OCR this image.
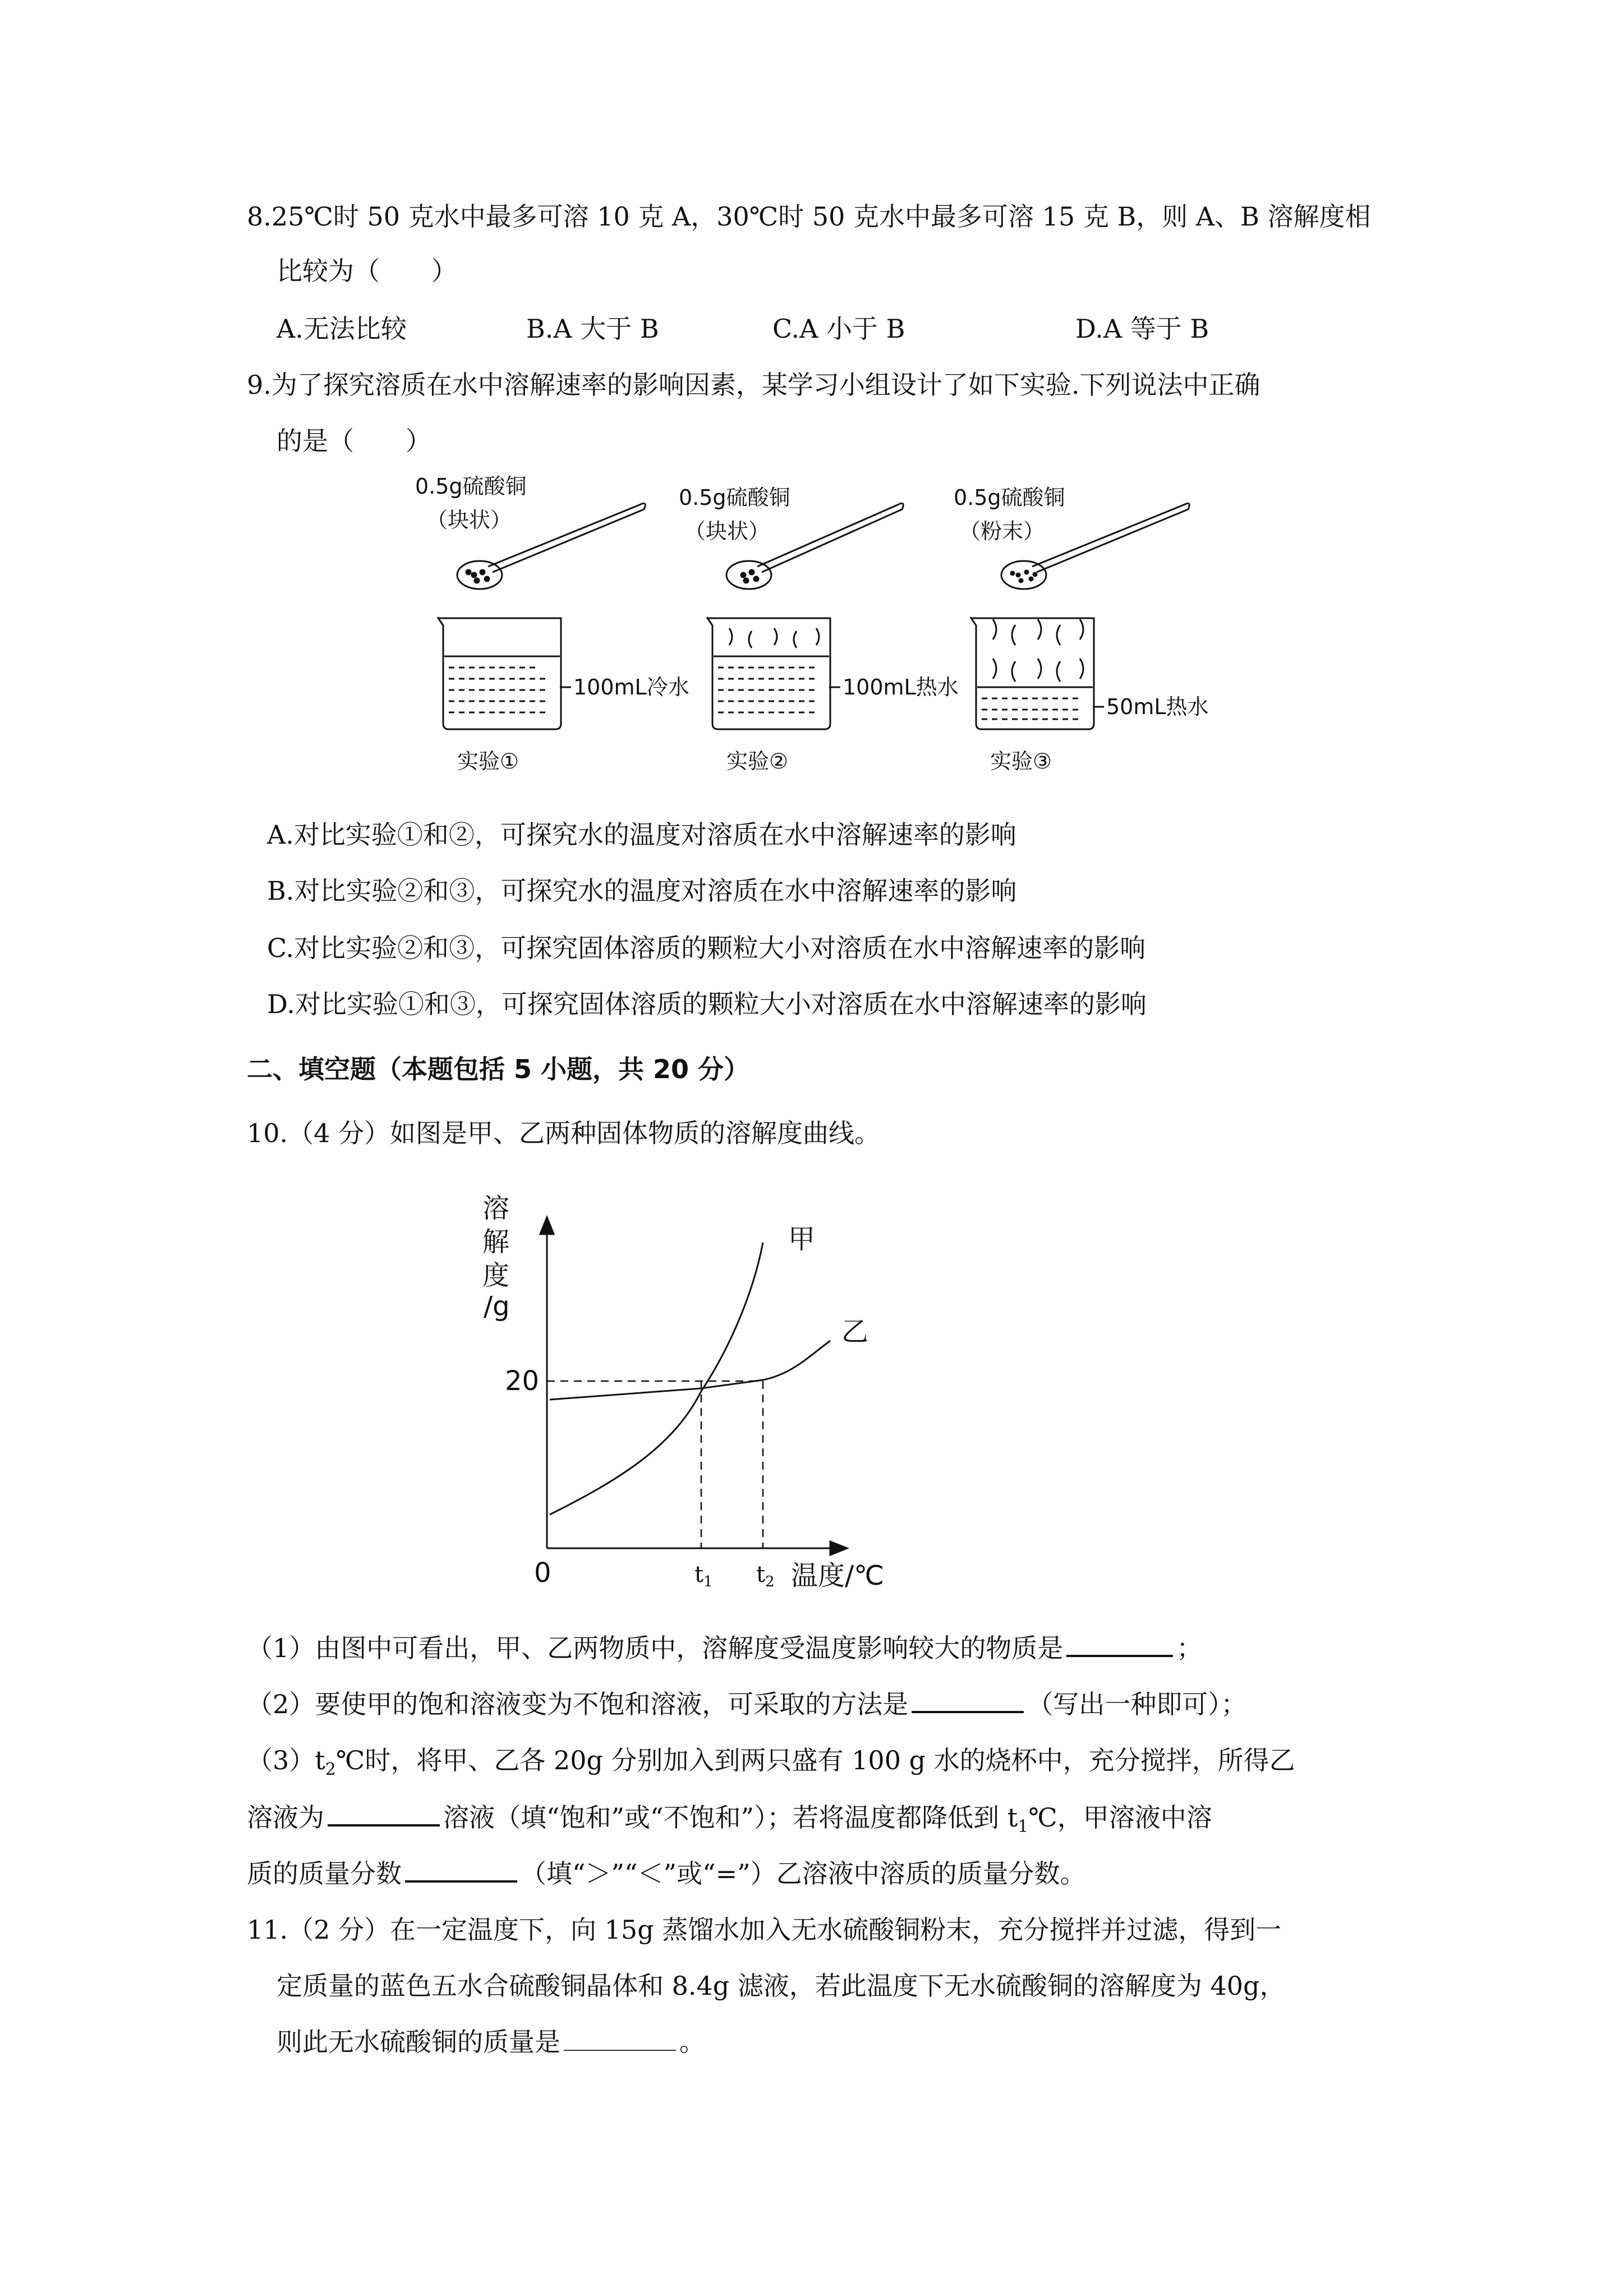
8.25℃时 50 克水中最多可溶 10 克 A，30℃时 50 克水中最多可溶 15 克 B，则 A、B 溶解度相
比较为（　　）
A.无法比较	B.A 大于 B	C.A 小于 B	D.A 等于 B
9.为了探究溶质在水中溶解速率的影响因素，某学习小组设计了如下实验.下列说法中正确
的是（　　）
0.5g硫酸铜
（块状）
100mL冷水
实验①
0.5g硫酸铜
（块状）
100mL热水
实验②
0.5g硫酸铜
（粉末）
50mL热水
实验③
A.对比实验①和②，可探究水的温度对溶质在水中溶解速率的影响
B.对比实验②和③，可探究水的温度对溶质在水中溶解速率的影响
C.对比实验②和③，可探究固体溶质的颗粒大小对溶质在水中溶解速率的影响
D.对比实验①和③，可探究固体溶质的颗粒大小对溶质在水中溶解速率的影响
二、填空题（本题包括 5 小题，共 20 分）
10.（4 分）如图是甲、乙两种固体物质的溶解度曲线。
溶
解
度
/g
20
0
甲
乙
温度/℃
$t_1$ $t_2$
（1）由图中可看出，甲、乙两物质中，溶解度受温度影响较大的物质是	；
（2）要使甲的饱和溶液变为不饱和溶液，可采取的方法是	（写出一种即可）；
$(3)t_2℃$时，将甲、乙各 20g 分别加入到两只盛有 100 g 水的烧杯中，充分搅拌，所得乙
溶液为	溶液（填“饱和”或“不饱和”）；若将温度都降低到 $t_1℃$，甲溶液中溶
质的质量分数	（填“＞”“＜”或“=”）乙溶液中溶质的质量分数。
11.（2 分）在一定温度下，向 15g 蒸馏水加入无水硫酸铜粉末，充分搅拌并过滤，得到一
定质量的蓝色五水合硫酸铜晶体和 8.4g 滤液，若此温度下无水硫酸铜的溶解度为 40g，
则此无水硫酸铜的质量是	。
